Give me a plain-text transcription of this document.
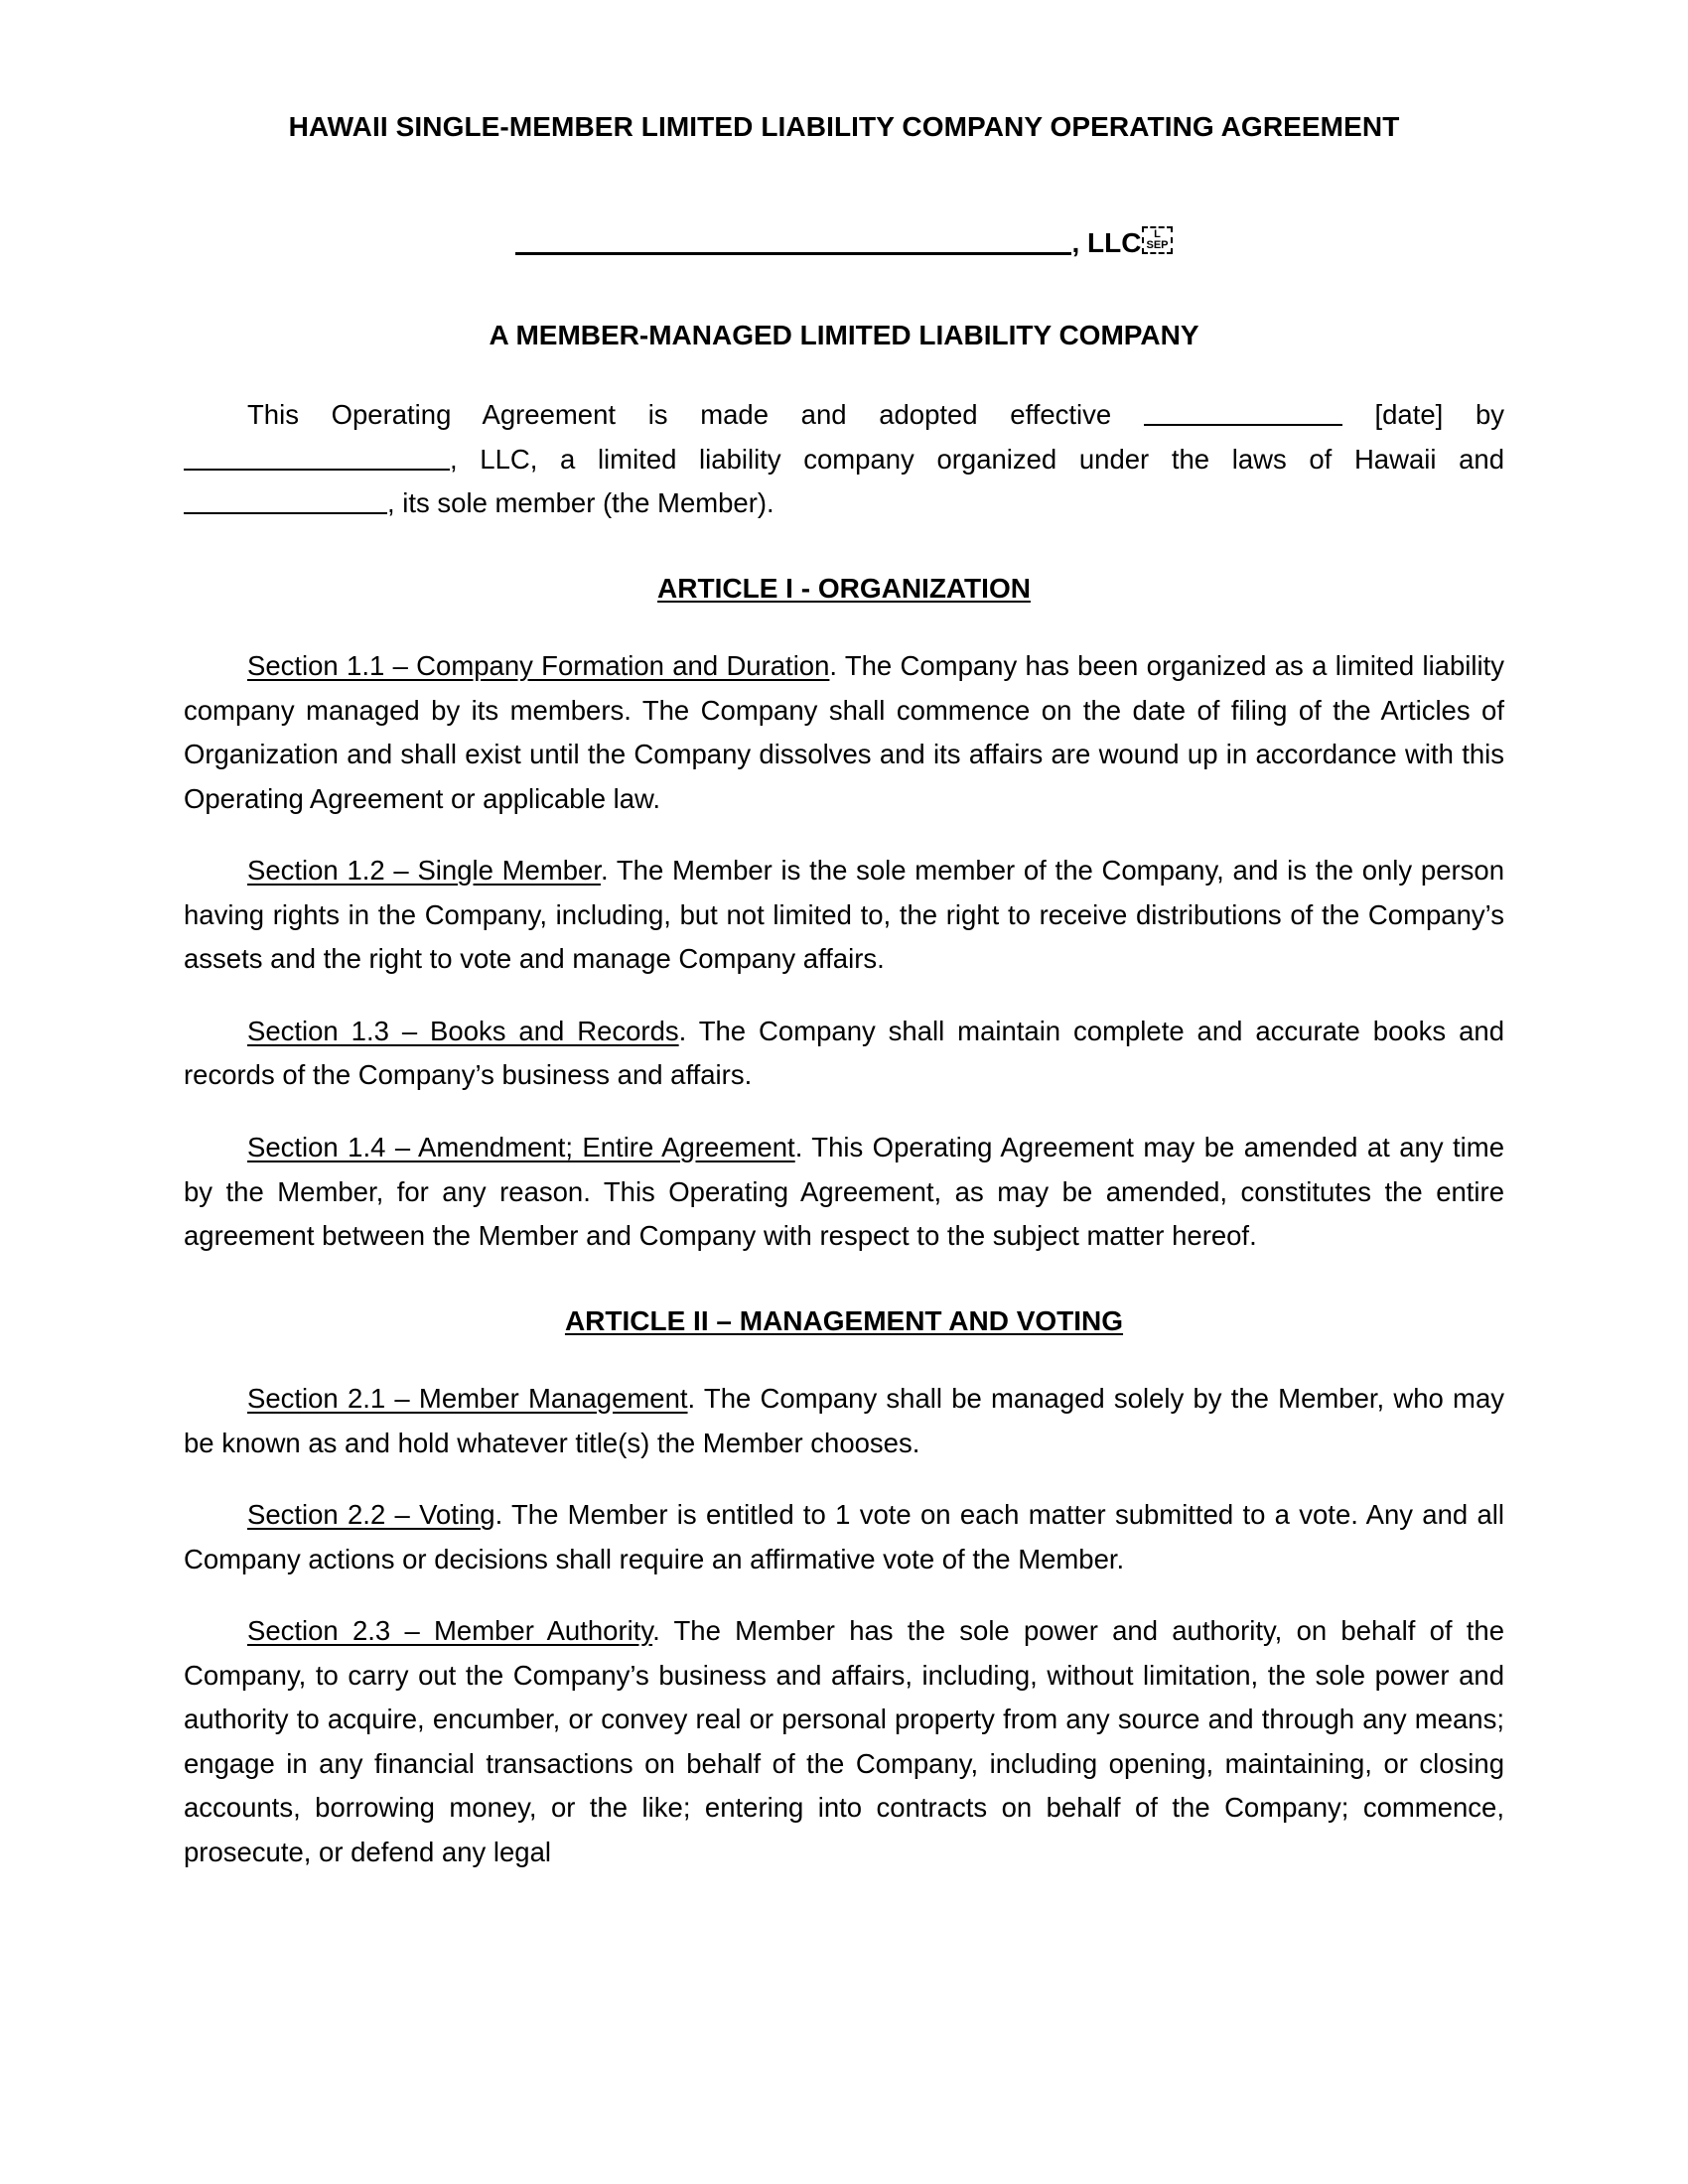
HAWAII SINGLE-MEMBER LIMITED LIABILITY COMPANY OPERATING AGREEMENT
, LLC	L
SEP
A MEMBER-MANAGED LIMITED LIABILITY COMPANY

This Operating Agreement is made and adopted effective	[date] by , LLC, a limited liability company organized under the laws of Hawaii and , its sole member (the Member).

ARTICLE I - ORGANIZATION

Section 1.1 – Company Formation and Duration. The Company has been organized as a limited liability company managed by its members. The Company shall commence on the date of filing of the Articles of Organization and shall exist until the Company dissolves and its affairs are wound up in accordance with this Operating Agreement or applicable law.

Section 1.2 – Single Member. The Member is the sole member of the Company, and is the only person having rights in the Company, including, but not limited to, the right to receive distributions of the Company’s assets and the right to vote and manage Company affairs.

Section 1.3 – Books and Records. The Company shall maintain complete and accurate books and records of the Company’s business and affairs.

Section 1.4 – Amendment; Entire Agreement. This Operating Agreement may be amended at any time by the Member, for any reason. This Operating Agreement, as may be amended, constitutes the entire agreement between the Member and Company with respect to the subject matter hereof.

ARTICLE II – MANAGEMENT AND VOTING

Section 2.1 – Member Management. The Company shall be managed solely by the Member, who may be known as and hold whatever title(s) the Member chooses.

Section 2.2 – Voting. The Member is entitled to 1 vote on each matter submitted to a vote. Any and all Company actions or decisions shall require an affirmative vote of the Member.

Section 2.3 – Member Authority. The Member has the sole power and authority, on behalf of the Company, to carry out the Company’s business and affairs, including, without limitation, the sole power and authority to acquire, encumber, or convey real or personal property from any source and through any means; engage in any financial transactions on behalf of the Company, including opening, maintaining, or closing accounts, borrowing money, or the like; entering into contracts on behalf of the Company; commence, prosecute, or defend any legal
